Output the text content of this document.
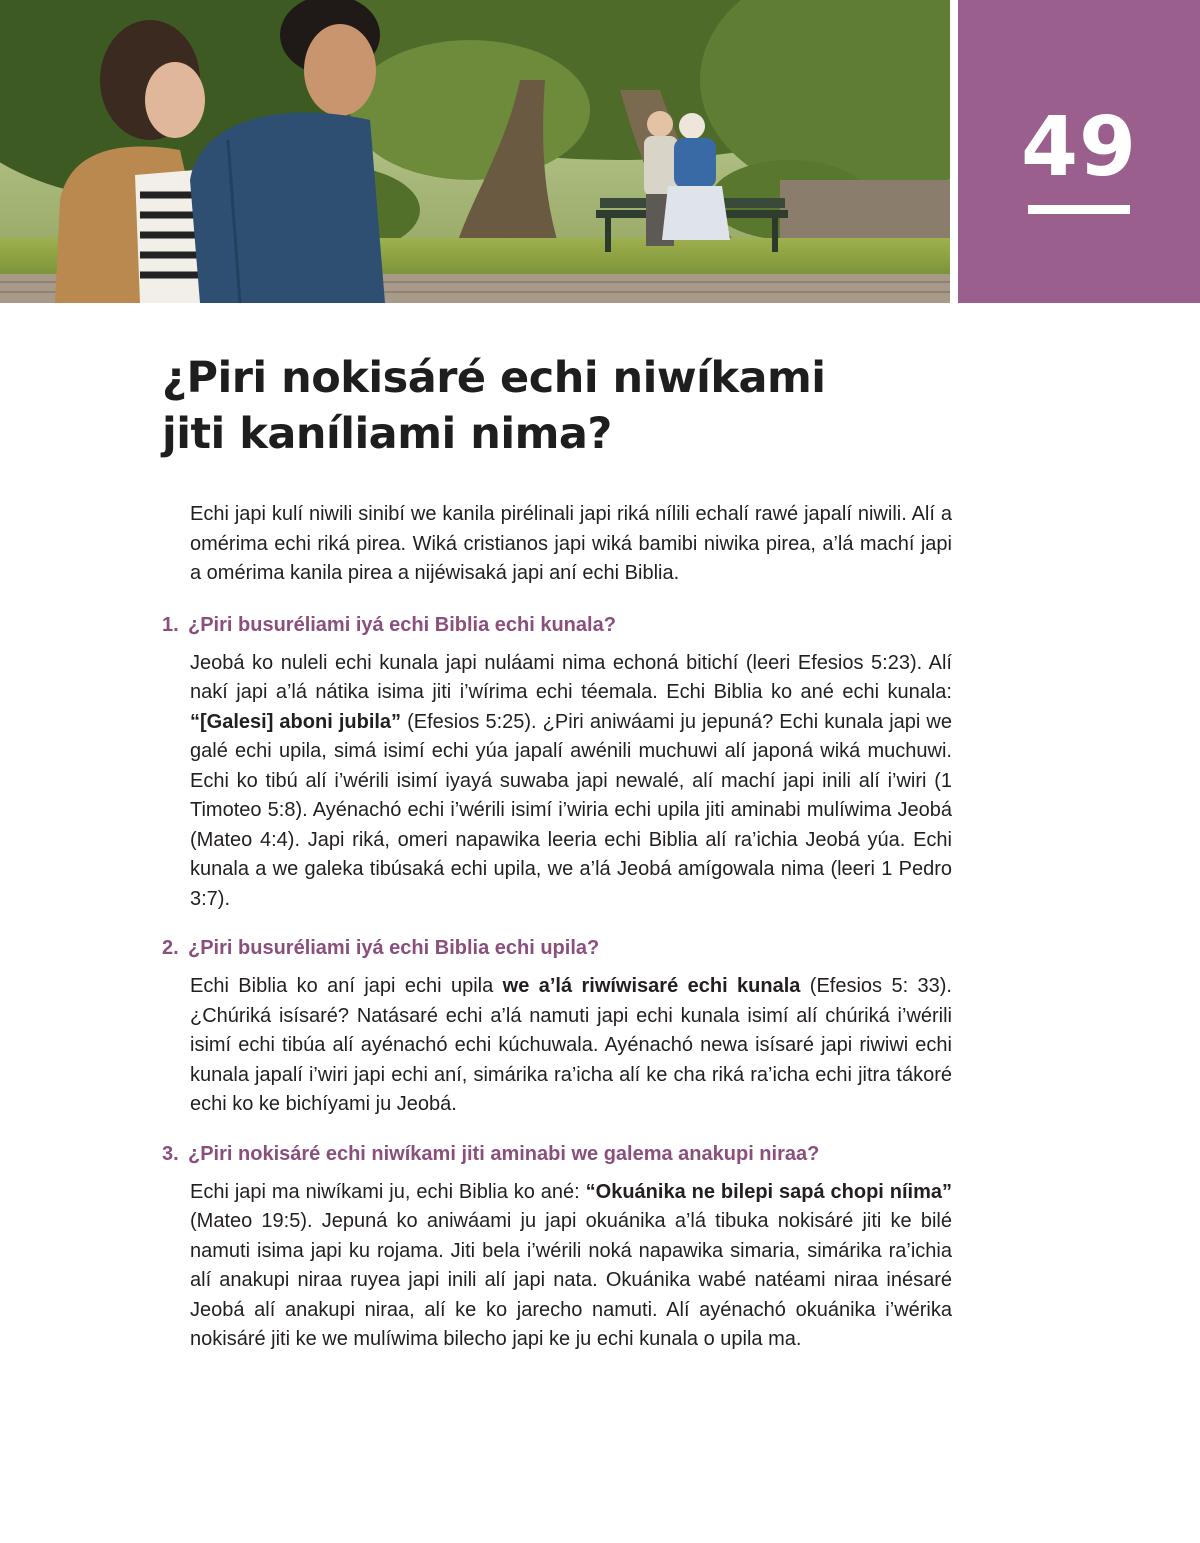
49
¿Piri nokisáré echi niwíkami
jiti kaníliami nima?

Echi japi kulí niwili sinibí we kanila pirélinali japi riká nílili echalí rawé japalí niwili. Alí a omérima echi riká pirea. Wiká cristianos japi wiká bamibi niwika pirea, a’lá machí japi a omérima kanila pirea a nijéwisaká japi aní echi Biblia.

1. ¿Piri busuréliami iyá echi Biblia echi kunala?

Jeobá ko nuleli echi kunala japi nuláami nima echoná bitichí (leeri Efesios 5:23). Alí nakí japi a’lá nátika isima jiti i’wírima echi téemala. Echi Biblia ko ané echi kunala: “[Galesi] aboni jubila” (Efesios 5:25). ¿Piri aniwáami ju jepuná? Echi kunala japi we galé echi upila, simá isimí echi yúa japalí awénili muchuwi alí japoná wiká muchuwi. Echi ko tibú alí i’wérili isimí iyayá suwaba japi newalé, alí machí japi inili alí i’wiri (1 Timoteo 5:8). Ayénachó echi i’wérili isimí i’wiria echi upila jiti aminabi mulíwima Jeobá (Mateo 4:4). Japi riká, omeri napawika leeria echi Biblia alí ra’ichia Jeobá yúa. Echi kunala a we galeka tibúsaká echi upila, we a’lá Jeobá amígowala nima (leeri 1 Pedro 3:7).

2. ¿Piri busuréliami iyá echi Biblia echi upila?

Echi Biblia ko aní japi echi upila we a’lá riwíwisaré echi kunala (Efesios 5: 33). ¿Chúriká isísaré? Natásaré echi a’lá namuti japi echi kunala isimí alí chúriká i’wérili isimí echi tibúa alí ayénachó echi kúchuwala. Ayénachó newa isísaré japi riwiwi echi kunala japalí i’wiri japi echi aní, simárika ra’icha alí ke cha riká ra’icha echi jitra tákoré echi ko ke bichíyami ju Jeobá.

3. ¿Piri nokisáré echi niwíkami jiti aminabi we galema anakupi niraa?

Echi japi ma niwíkami ju, echi Biblia ko ané: “Okuánika ne bilepi sapá chopi níima” (Mateo 19:5). Jepuná ko aniwáami ju japi okuánika a’lá tibuka nokisáré jiti ke bilé namuti isima japi ku rojama. Jiti bela i’wérili noká napawika simaria, simárika ra’ichia alí anakupi niraa ruyea japi inili alí japi nata. Okuánika wabé natéami niraa inésaré Jeobá alí anakupi niraa, alí ke ko jarecho namuti. Alí ayénachó okuánika i’wérika nokisáré jiti ke we mulíwima bilecho japi ke ju echi kunala o upila ma.
